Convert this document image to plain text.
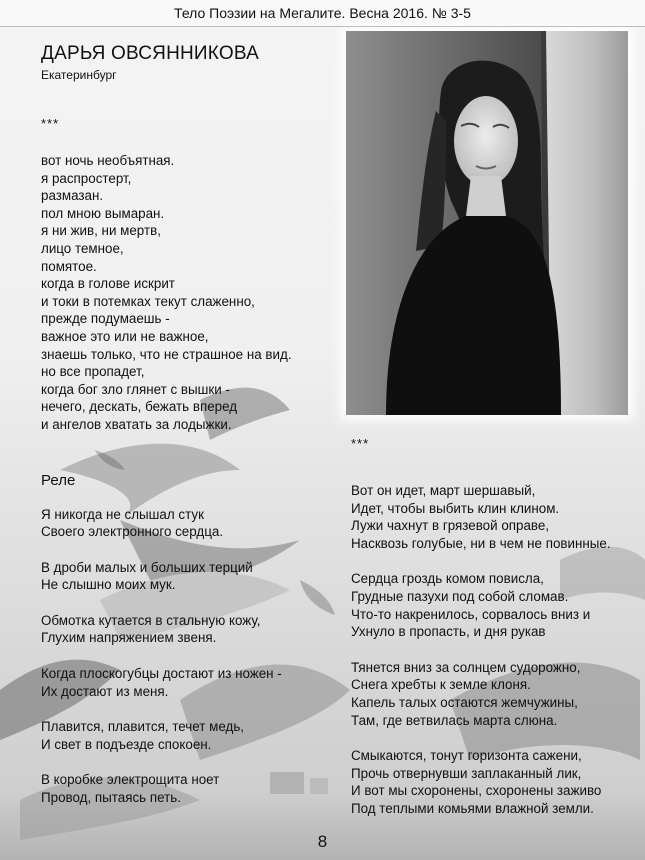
Тело Поэзии на Мегалите. Весна 2016. № 3-5
ДАРЬЯ ОВСЯННИКОВА
Екатеринбург
***
вот ночь необъятная.
я распростерт,
размазан.
пол мною вымаран.
я ни жив, ни мертв,
лицо темное,
помятое.
когда в голове искрит
и токи в потемках текут слаженно,
прежде подумаешь -
важное это или не важное,
знаешь только, что не страшное на вид.
но все пропадет,
когда бог зло глянет с вышки -
нечего, дескать, бежать вперед
и ангелов хватать за лодыжки.
Реле
Я никогда не слышал стук
Своего электронного сердца.
В дроби малых и больших терций
Не слышно моих мук.
Обмотка кутается в стальную кожу,
Глухим напряжением звеня.
Когда плоскогубцы достают из ножен -
Их достают из меня.
Плавится, плавится, течет медь,
И свет в подъезде спокоен.
В коробке электрощита ноет
Провод, пытаясь петь.
***
Вот он идет, март шершавый,
Идет, чтобы выбить клин клином.
Лужи чахнут в грязевой оправе,
Насквозь голубые, ни в чем не повинные.
Сердца гроздь комом повисла,
Грудные пазухи под собой сломав.
Что-то накренилось, сорвалось вниз и
Ухнуло в пропасть, и дня рукав
Тянется вниз за солнцем судорожно,
Снега хребты к земле клоня.
Капель талых остаются жемчужины,
Там, где ветвилась марта слюна.
Смыкаются, тонут горизонта сажени,
Прочь отвернувши заплаканный лик,
И вот мы схоронены, схоронены заживо
Под теплыми комьями влажной земли.
8
